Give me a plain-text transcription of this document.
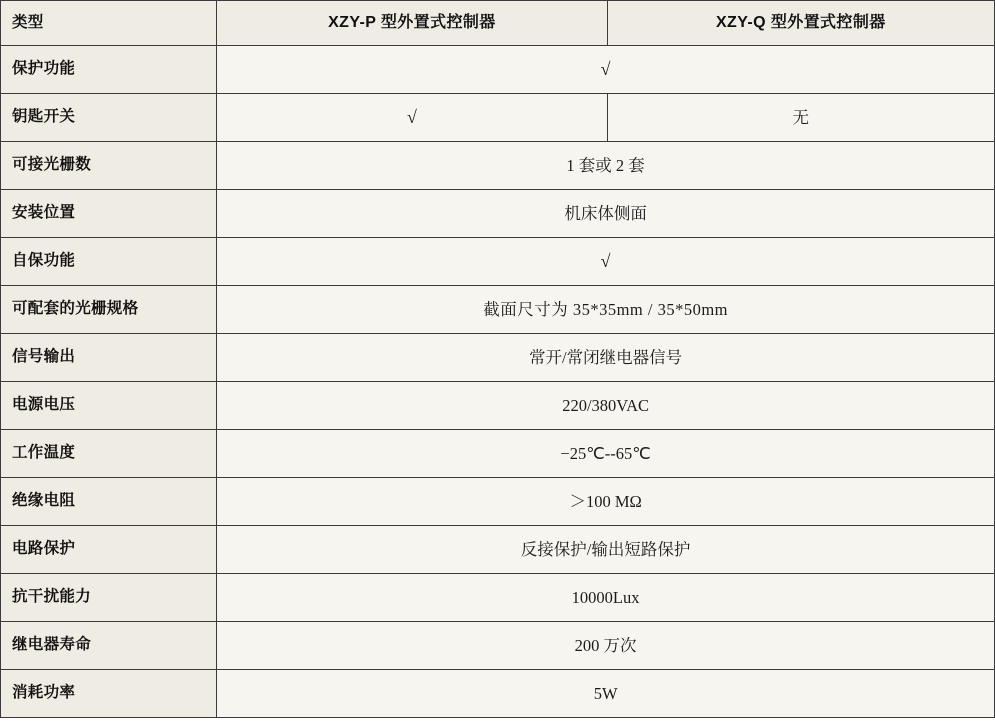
类型	XZY-P 型外置式控制器	XZY-Q 型外置式控制器

保护功能	√	

钥匙开关	√	无

可接光栅数	1 套或 2 套	

安装位置	机床体侧面	

自保功能	√	

可配套的光栅规格	截面尺寸为 35*35mm / 35*50mm	

信号输出	常开/常闭继电器信号	

电源电压	220/380VAC	

工作温度	−25℃--65℃	

绝缘电阻	＞100 MΩ	

电路保护	反接保护/输出短路保护	

抗干扰能力	10000Lux	

继电器寿命	200 万次	

消耗功率	5W	
